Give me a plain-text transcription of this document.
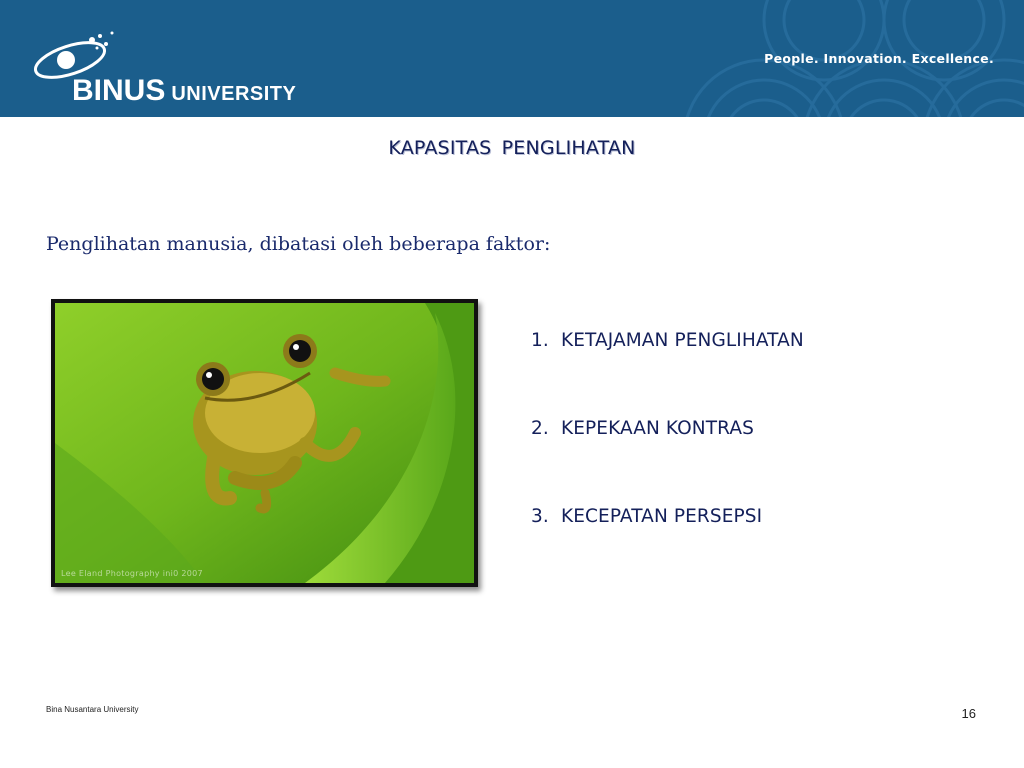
BINUS UNIVERSITY
People. Innovation. Excellence.
KAPASITAS PENGLIHATAN
Penglihatan manusia, dibatasi oleh beberapa faktor:
Lee Eland Photography ini0 2007
1. KETAJAMAN PENGLIHATAN
2. KEPEKAAN KONTRAS
3. KECEPATAN PERSEPSI
Bina Nusantara University	16
